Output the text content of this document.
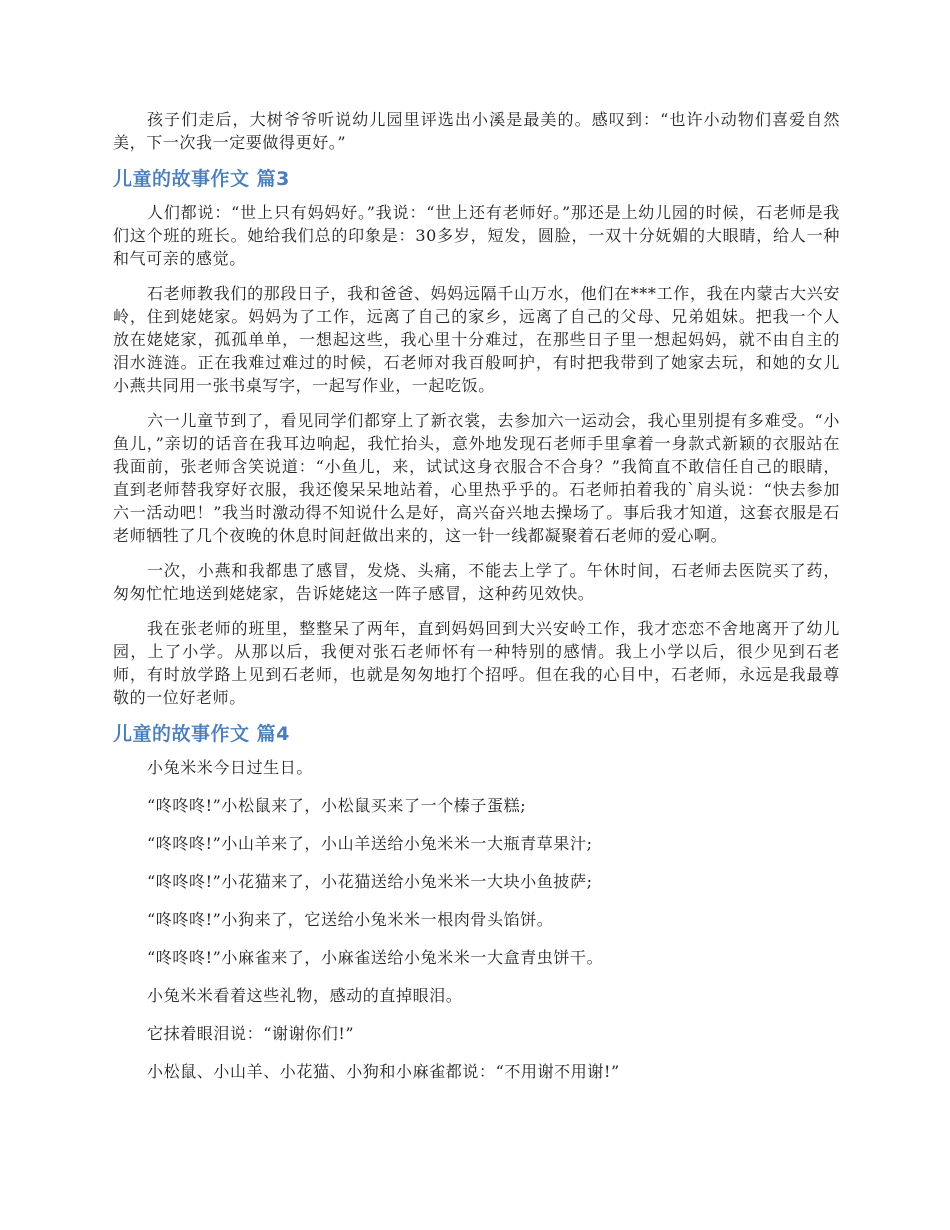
孩子们走后，大树爷爷听说幼儿园里评选出小溪是最美的。感叹到：“也许小动物们喜爱自然美，下一次我一定要做得更好。”

儿童的故事作文 篇3

人们都说：“世上只有妈妈好。”我说：“世上还有老师好。”那还是上幼儿园的时候，石老师是我们这个班的班长。她给我们总的印象是：30多岁，短发，圆脸，一双十分妩媚的大眼睛，给人一种和气可亲的感觉。

石老师教我们的那段日子，我和爸爸、妈妈远隔千山万水，他们在***工作，我在内蒙古大兴安岭，住到姥姥家。妈妈为了工作，远离了自己的家乡，远离了自己的父母、兄弟姐妹。把我一个人放在姥姥家，孤孤单单，一想起这些，我心里十分难过，在那些日子里一想起妈妈，就不由自主的泪水涟涟。正在我难过难过的时候，石老师对我百般呵护，有时把我带到了她家去玩，和她的女儿小燕共同用一张书桌写字，一起写作业，一起吃饭。

六一儿童节到了，看见同学们都穿上了新衣裳，去参加六一运动会，我心里别提有多难受。“小鱼儿，”亲切的话音在我耳边响起，我忙抬头，意外地发现石老师手里拿着一身款式新颖的衣服站在我面前，张老师含笑说道：“小鱼儿，来，试试这身衣服合不合身？”我简直不敢信任自己的眼睛，直到老师替我穿好衣服，我还傻呆呆地站着，心里热乎乎的。石老师拍着我的`肩头说：“快去参加六一活动吧！”我当时激动得不知说什么是好，高兴奋兴地去操场了。事后我才知道，这套衣服是石老师牺牲了几个夜晚的休息时间赶做出来的，这一针一线都凝聚着石老师的爱心啊。

一次，小燕和我都患了感冒，发烧、头痛，不能去上学了。午休时间，石老师去医院买了药，匆匆忙忙地送到姥姥家，告诉姥姥这一阵子感冒，这种药见效快。

我在张老师的班里，整整呆了两年，直到妈妈回到大兴安岭工作，我才恋恋不舍地离开了幼儿园，上了小学。从那以后，我便对张石老师怀有一种特别的感情。我上小学以后，很少见到石老师，有时放学路上见到石老师，也就是匆匆地打个招呼。但在我的心目中，石老师，永远是我最尊敬的一位好老师。

儿童的故事作文 篇4

小兔米米今日过生日。

“咚咚咚!”小松鼠来了，小松鼠买来了一个榛子蛋糕;

“咚咚咚!”小山羊来了，小山羊送给小兔米米一大瓶青草果汁;

“咚咚咚!”小花猫来了，小花猫送给小兔米米一大块小鱼披萨;

“咚咚咚!”小狗来了，它送给小兔米米一根肉骨头馅饼。

“咚咚咚!”小麻雀来了，小麻雀送给小兔米米一大盒青虫饼干。

小兔米米看着这些礼物，感动的直掉眼泪。

它抹着眼泪说：“谢谢你们!”

小松鼠、小山羊、小花猫、小狗和小麻雀都说：“不用谢不用谢!”
